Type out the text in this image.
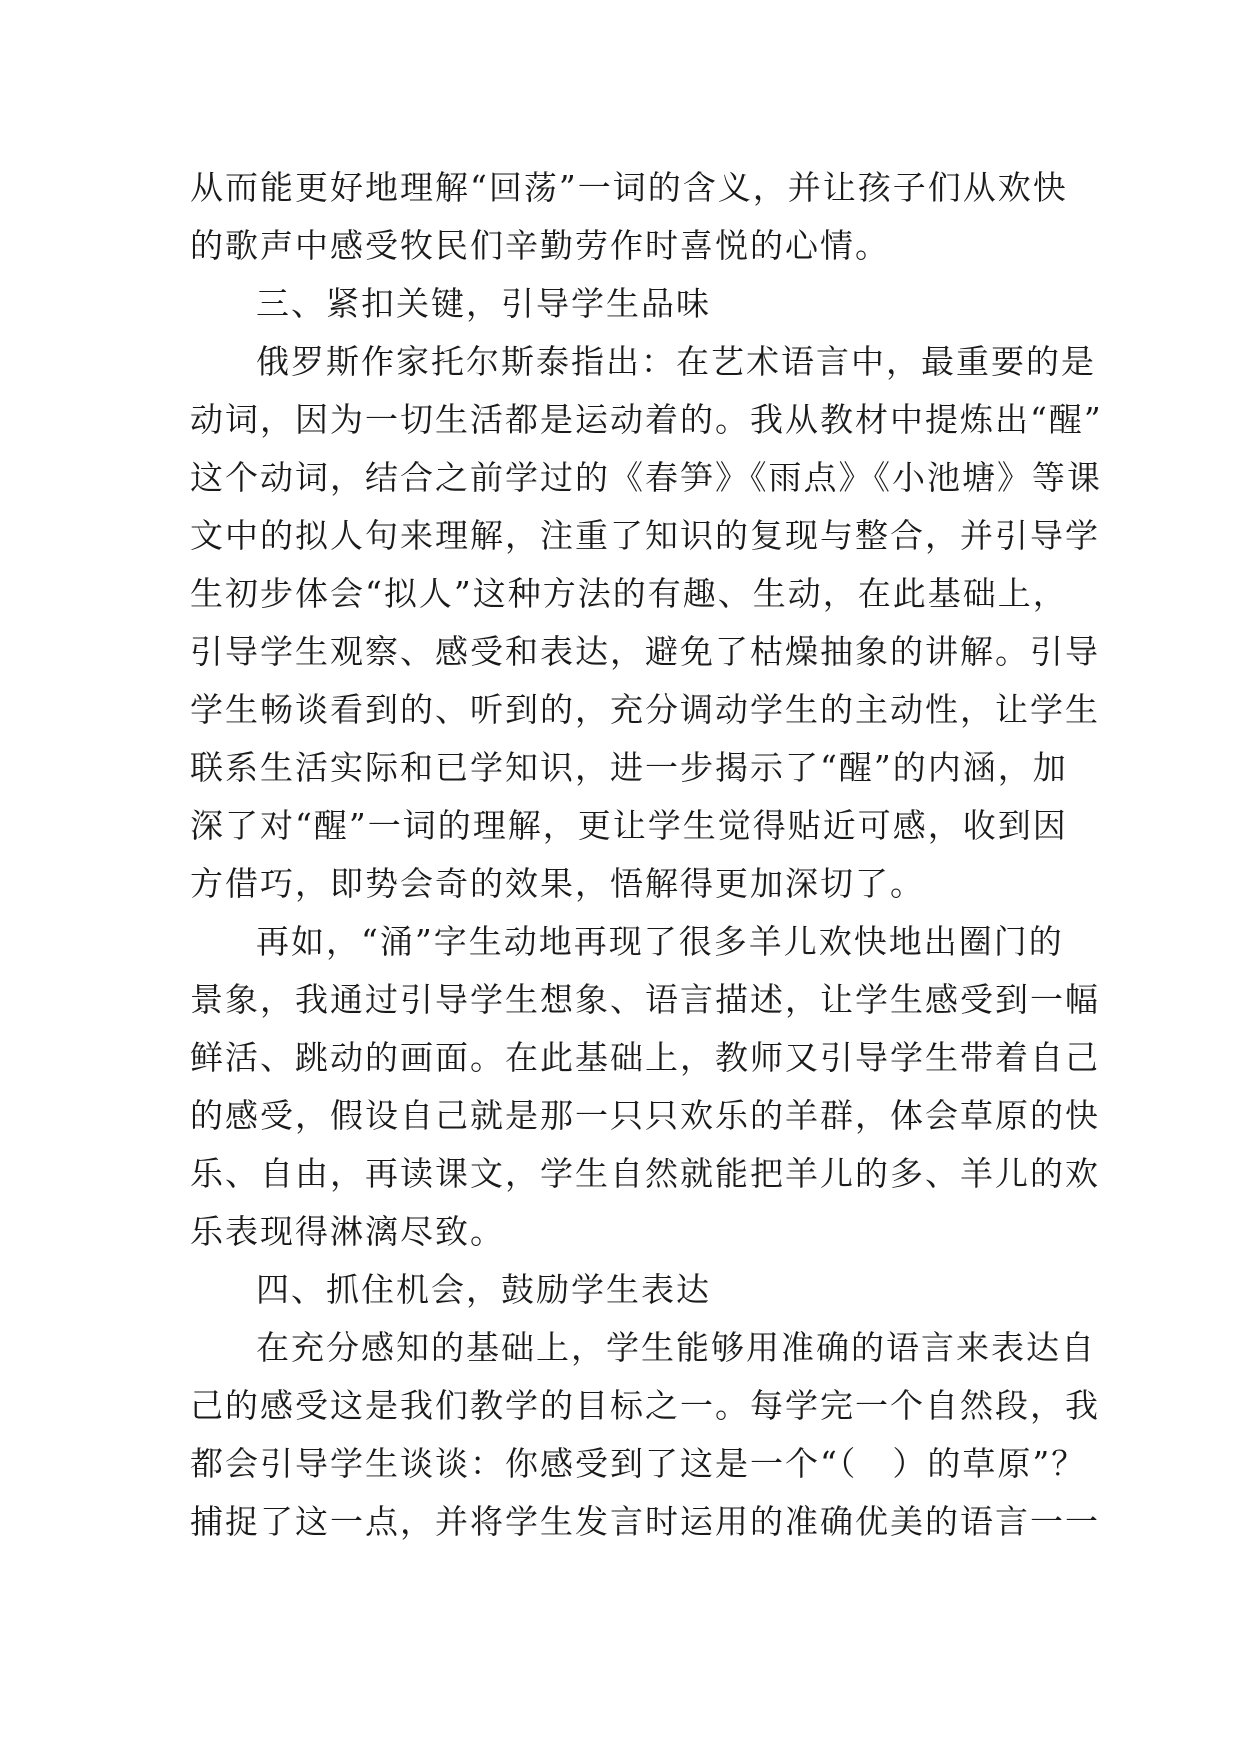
从而能更好地理解“回荡”一词的含义，并让孩子们从欢快
的歌声中感受牧民们辛勤劳作时喜悦的心情。
三、紧扣关键，引导学生品味
俄罗斯作家托尔斯泰指出：在艺术语言中，最重要的是
动词，因为一切生活都是运动着的。我从教材中提炼出“醒”
这个动词，结合之前学过的《春笋》《雨点》《小池塘》等课
文中的拟人句来理解，注重了知识的复现与整合，并引导学
生初步体会“拟人”这种方法的有趣、生动，在此基础上，
引导学生观察、感受和表达，避免了枯燥抽象的讲解。引导
学生畅谈看到的、听到的，充分调动学生的主动性，让学生
联系生活实际和已学知识，进一步揭示了“醒”的内涵，加
深了对“醒”一词的理解，更让学生觉得贴近可感，收到因
方借巧，即势会奇的效果，悟解得更加深切了。
再如，“涌”字生动地再现了很多羊儿欢快地出圈门的
景象，我通过引导学生想象、语言描述，让学生感受到一幅
鲜活、跳动的画面。在此基础上，教师又引导学生带着自己
的感受，假设自己就是那一只只欢乐的羊群，体会草原的快
乐、自由，再读课文，学生自然就能把羊儿的多、羊儿的欢
乐表现得淋漓尽致。
四、抓住机会，鼓励学生表达
在充分感知的基础上，学生能够用准确的语言来表达自
己的感受这是我们教学的目标之一。每学完一个自然段，我
都会引导学生谈谈：你感受到了这是一个“（　）的草原”？
捕捉了这一点，并将学生发言时运用的准确优美的语言一一
